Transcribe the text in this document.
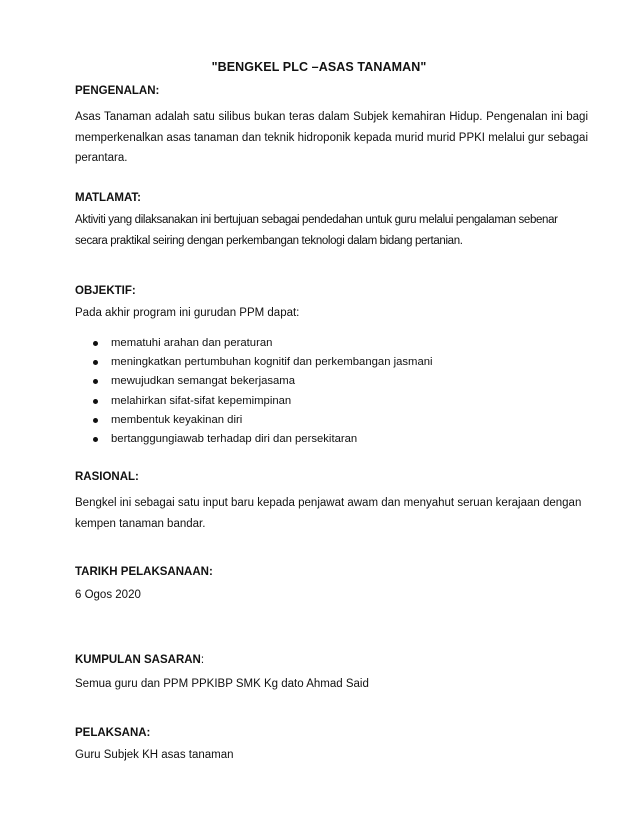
"BENGKEL PLC –ASAS TANAMAN"
PENGENALAN:
Asas Tanaman adalah satu silibus bukan teras dalam Subjek kemahiran Hidup. Pengenalan ini bagi memperkenalkan asas tanaman dan teknik hidroponik kepada murid murid PPKI melalui gur sebagai perantara.
MATLAMAT:
Aktiviti yang dilaksanakan ini bertujuan sebagai pendedahan untuk guru melalui pengalaman sebenar secara praktikal seiring dengan perkembangan teknologi dalam bidang pertanian.
OBJEKTIF:
Pada akhir program ini gurudan PPM dapat:
mematuhi arahan dan peraturan
meningkatkan pertumbuhan kognitif dan perkembangan jasmani
mewujudkan semangat bekerjasama
melahirkan sifat-sifat kepemimpinan
membentuk keyakinan diri
bertanggungiawab terhadap diri dan persekitaran
RASIONAL:
Bengkel ini sebagai satu input baru kepada penjawat awam dan menyahut seruan kerajaan dengan kempen tanaman bandar.
TARIKH PELAKSANAAN:
6 Ogos 2020
KUMPULAN SASARAN:
Semua guru dan PPM PPKIBP SMK Kg dato Ahmad Said
PELAKSANA:
Guru Subjek KH asas tanaman
